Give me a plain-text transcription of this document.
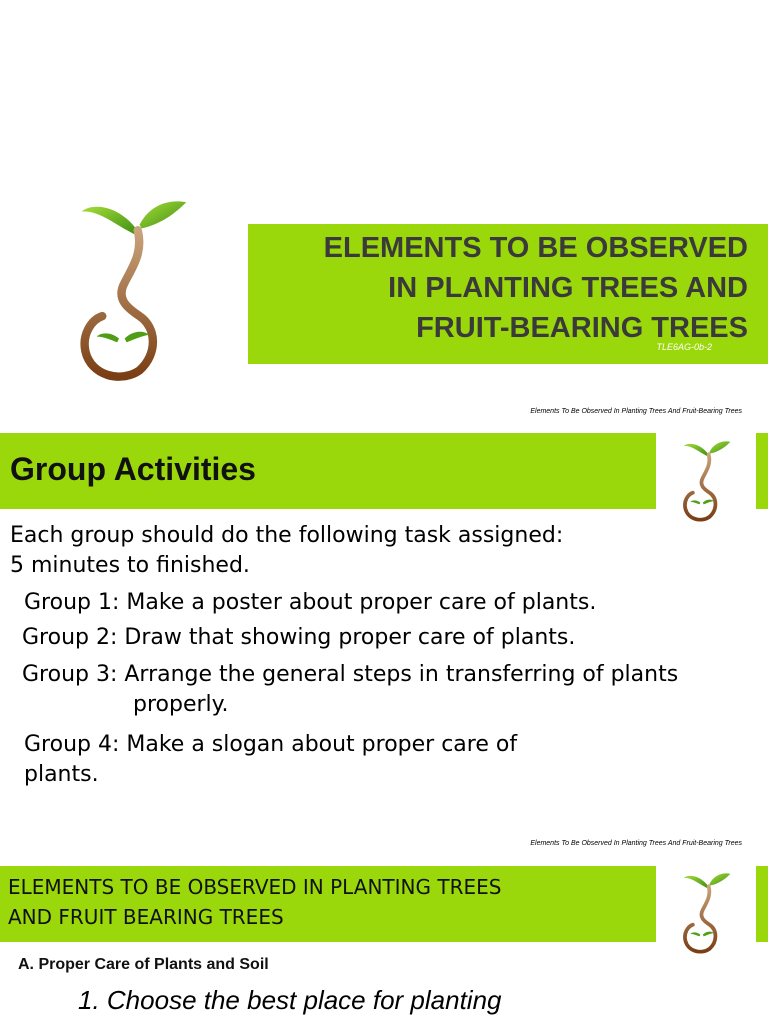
ELEMENTS TO BE OBSERVED
IN PLANTING TREES AND
FRUIT-BEARING TREES
TLE6AG-0b-2
Elements To Be Observed In Planting Trees And Fruit-Bearing Trees
Group Activities
Each group should do the following task assigned:
5 minutes to finished.
Group 1: Make a poster about proper care of plants.
Group 2: Draw that showing proper care of plants.
Group 3: Arrange the general steps in transferring of plants
properly.
Group 4: Make a slogan about proper care of
plants.
Elements To Be Observed In Planting Trees And Fruit-Bearing Trees
ELEMENTS TO BE OBSERVED IN PLANTING TREES
AND FRUIT BEARING TREES
A. Proper Care of Plants and Soil
1. Choose the best place for planting
